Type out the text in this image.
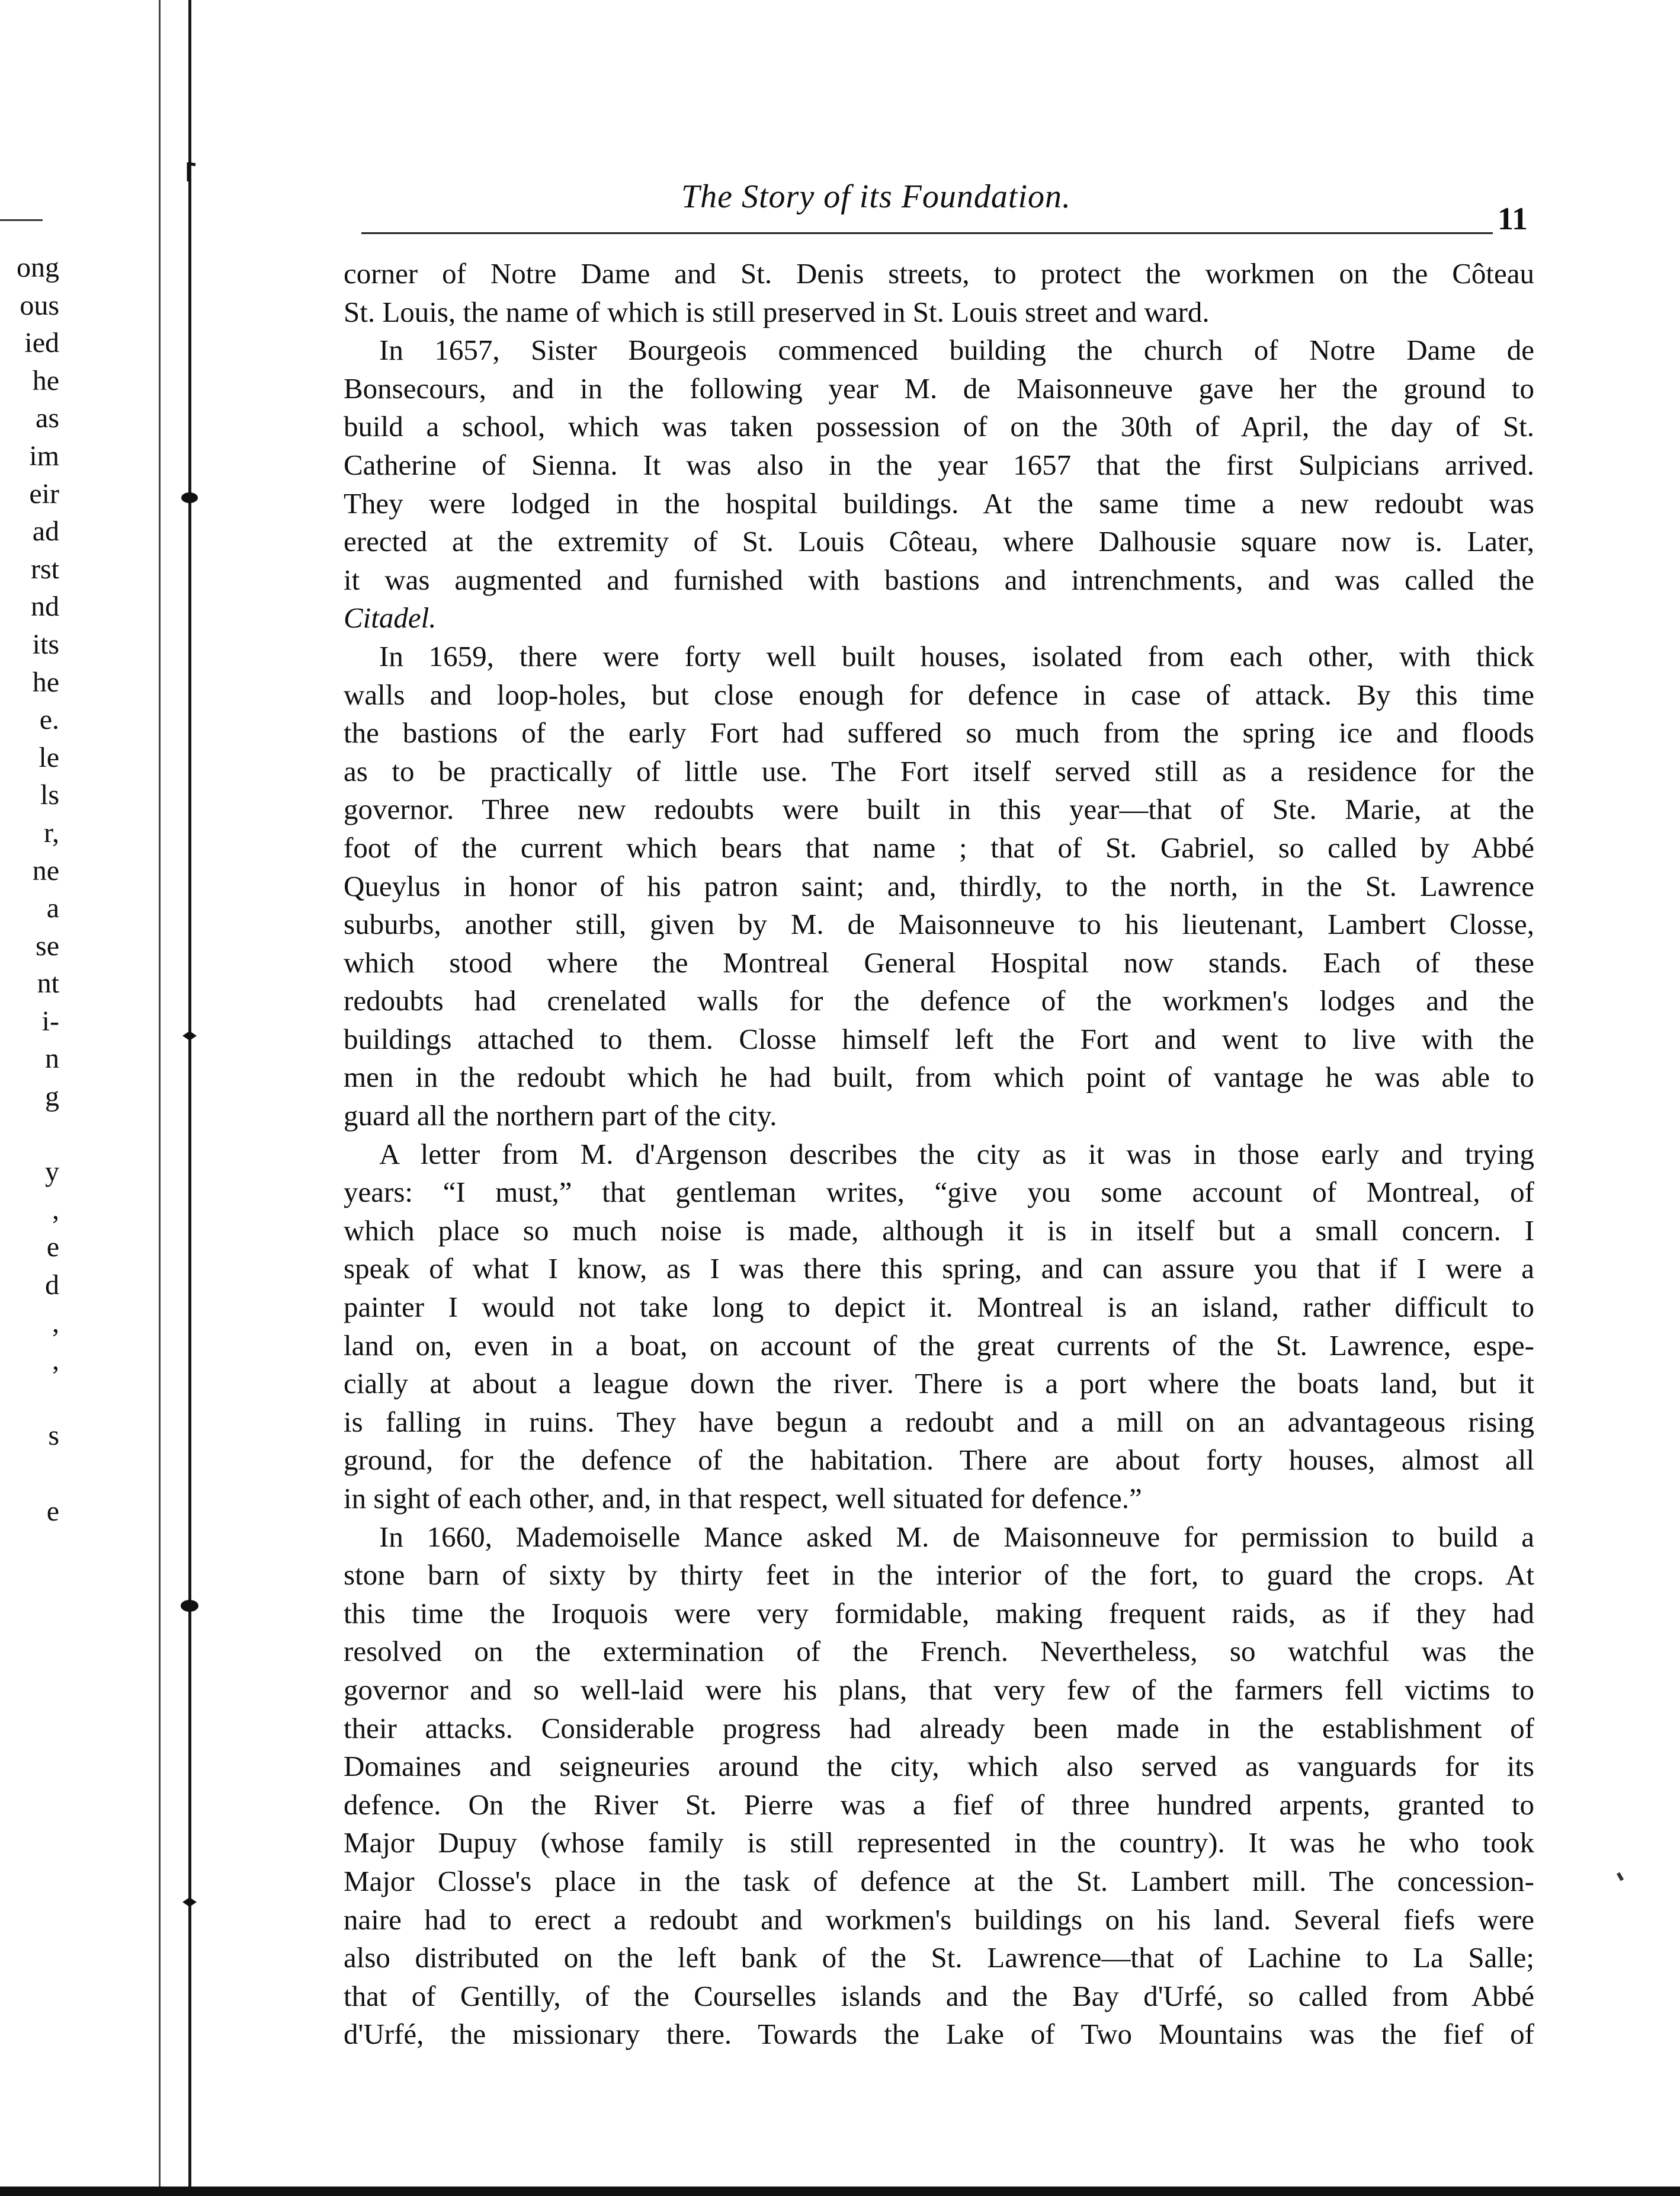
ong
ous
ied
he
as
im
eir
ad
rst
nd
its
he
e.
le
ls
r,
ne
a
se
nt
i-
n
g
y
,
e
d
,
,
s
e
The Story of its Foundation.
11
corner of Notre Dame and St. Denis streets, to protect the workmen on the Côteau
St. Louis, the name of which is still preserved in St. Louis street and ward.
In 1657, Sister Bourgeois commenced building the church of Notre Dame de
Bonsecours, and in the following year M. de Maisonneuve gave her the ground to
build a school, which was taken possession of on the 30th of April, the day of St.
Catherine of Sienna. It was also in the year 1657 that the first Sulpicians arrived.
They were lodged in the hospital buildings. At the same time a new redoubt was
erected at the extremity of St. Louis Côteau, where Dalhousie square now is. Later,
it was augmented and furnished with bastions and intrenchments, and was called the
Citadel.
In 1659, there were forty well built houses, isolated from each other, with thick
walls and loop-holes, but close enough for defence in case of attack. By this time
the bastions of the early Fort had suffered so much from the spring ice and floods
as to be practically of little use. The Fort itself served still as a residence for the
governor. Three new redoubts were built in this year—that of Ste. Marie, at the
foot of the current which bears that name ; that of St. Gabriel, so called by Abbé
Queylus in honor of his patron saint; and, thirdly, to the north, in the St. Lawrence
suburbs, another still, given by M. de Maisonneuve to his lieutenant, Lambert Closse,
which stood where the Montreal General Hospital now stands. Each of these
redoubts had crenelated walls for the defence of the workmen's lodges and the
buildings attached to them. Closse himself left the Fort and went to live with the
men in the redoubt which he had built, from which point of vantage he was able to
guard all the northern part of the city.
A letter from M. d'Argenson describes the city as it was in those early and trying
years: “I must,” that gentleman writes, “give you some account of Montreal, of
which place so much noise is made, although it is in itself but a small concern. I
speak of what I know, as I was there this spring, and can assure you that if I were a
painter I would not take long to depict it. Montreal is an island, rather difficult to
land on, even in a boat, on account of the great currents of the St. Lawrence, espe-
cially at about a league down the river. There is a port where the boats land, but it
is falling in ruins. They have begun a redoubt and a mill on an advantageous rising
ground, for the defence of the habitation. There are about forty houses, almost all
in sight of each other, and, in that respect, well situated for defence.”
In 1660, Mademoiselle Mance asked M. de Maisonneuve for permission to build a
stone barn of sixty by thirty feet in the interior of the fort, to guard the crops. At
this time the Iroquois were very formidable, making frequent raids, as if they had
resolved on the extermination of the French. Nevertheless, so watchful was the
governor and so well-laid were his plans, that very few of the farmers fell victims to
their attacks. Considerable progress had already been made in the establishment of
Domaines and seigneuries around the city, which also served as vanguards for its
defence. On the River St. Pierre was a fief of three hundred arpents, granted to
Major Dupuy (whose family is still represented in the country). It was he who took
Major Closse's place in the task of defence at the St. Lambert mill. The concession-
naire had to erect a redoubt and workmen's buildings on his land. Several fiefs were
also distributed on the left bank of the St. Lawrence—that of Lachine to La Salle;
that of Gentilly, of the Courselles islands and the Bay d'Urfé, so called from Abbé
d'Urfé, the missionary there. Towards the Lake of Two Mountains was the fief of
